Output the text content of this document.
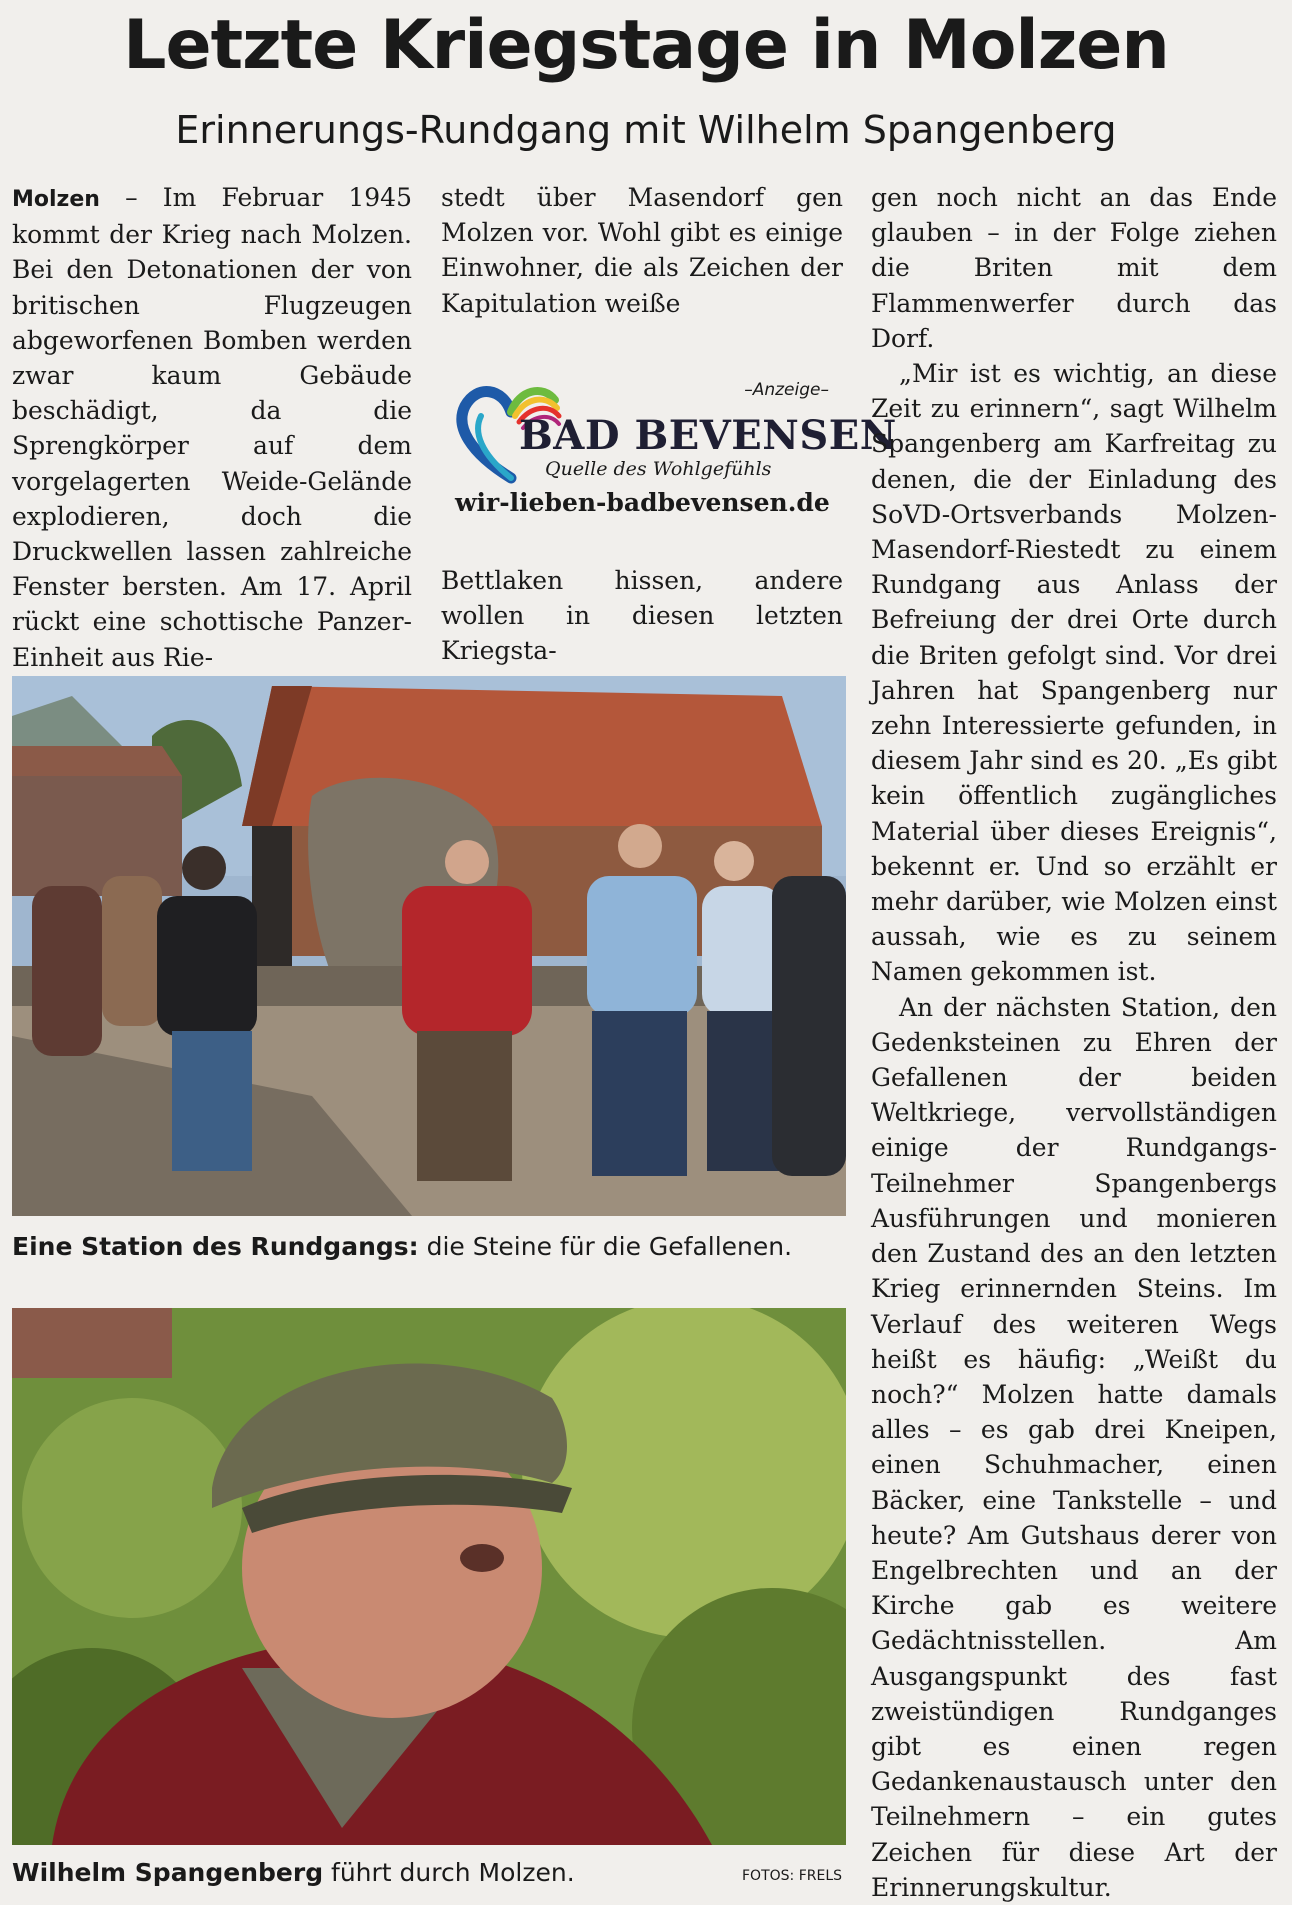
Letzte Kriegstage in Molzen
Erinnerungs-Rundgang mit Wilhelm Spangenberg

Molzen – Im Februar 1945 kommt der Krieg nach Molzen. Bei den Detonationen der von britischen Flugzeugen abgeworfenen Bomben werden zwar kaum Gebäude beschädigt, da die Sprengkörper auf dem vorgelagerten Weide-Gelände explodieren, doch die Druckwellen lassen zahlreiche Fenster bersten. Am 17. April rückt eine schottische Panzer-Einheit aus Rie-

stedt über Masendorf gen Molzen vor. Wohl gibt es einige Einwohner, die als Zeichen der Kapitulation weiße

–Anzeige–
BAD BEVENSEN
Quelle des Wohlgefühls
wir-lieben-badbevensen.de

Bettlaken hissen, andere wollen in diesen letzten Kriegsta-

gen noch nicht an das Ende glauben – in der Folge ziehen die Briten mit dem Flammenwerfer durch das Dorf.

„Mir ist es wichtig, an diese Zeit zu erinnern“, sagt Wilhelm Spangenberg am Karfreitag zu denen, die der Einladung des SoVD-Ortsverbands Molzen-Masendorf-Riestedt zu einem Rundgang aus Anlass der Befreiung der drei Orte durch die Briten gefolgt sind. Vor drei Jahren hat Spangenberg nur zehn Interessierte gefunden, in diesem Jahr sind es 20. „Es gibt kein öffentlich zugängliches Material über dieses Ereignis“, bekennt er. Und so erzählt er mehr darüber, wie Molzen einst aussah, wie es zu seinem Namen gekommen ist.

An der nächsten Station, den Gedenksteinen zu Ehren der Gefallenen der beiden Weltkriege, vervollständigen einige der Rundgangs-Teilnehmer Spangenbergs Ausführungen und monieren den Zustand des an den letzten Krieg erinnernden Steins. Im Verlauf des weiteren Wegs heißt es häufig: „Weißt du noch?“ Molzen hatte damals alles – es gab drei Kneipen, einen Schuhmacher, einen Bäcker, eine Tankstelle – und heute? Am Gutshaus derer von Engelbrechten und an der Kirche gab es weitere Gedächtnisstellen. Am Ausgangspunkt des fast zweistündigen Rundganges gibt es einen regen Gedankenaustausch unter den Teilnehmern – ein gutes Zeichen für diese Art der Erinnerungskultur.

Eine Station des Rundgangs: die Steine für die Gefallenen.
Wilhelm Spangenberg führt durch Molzen.	FOTOS: FRELS
